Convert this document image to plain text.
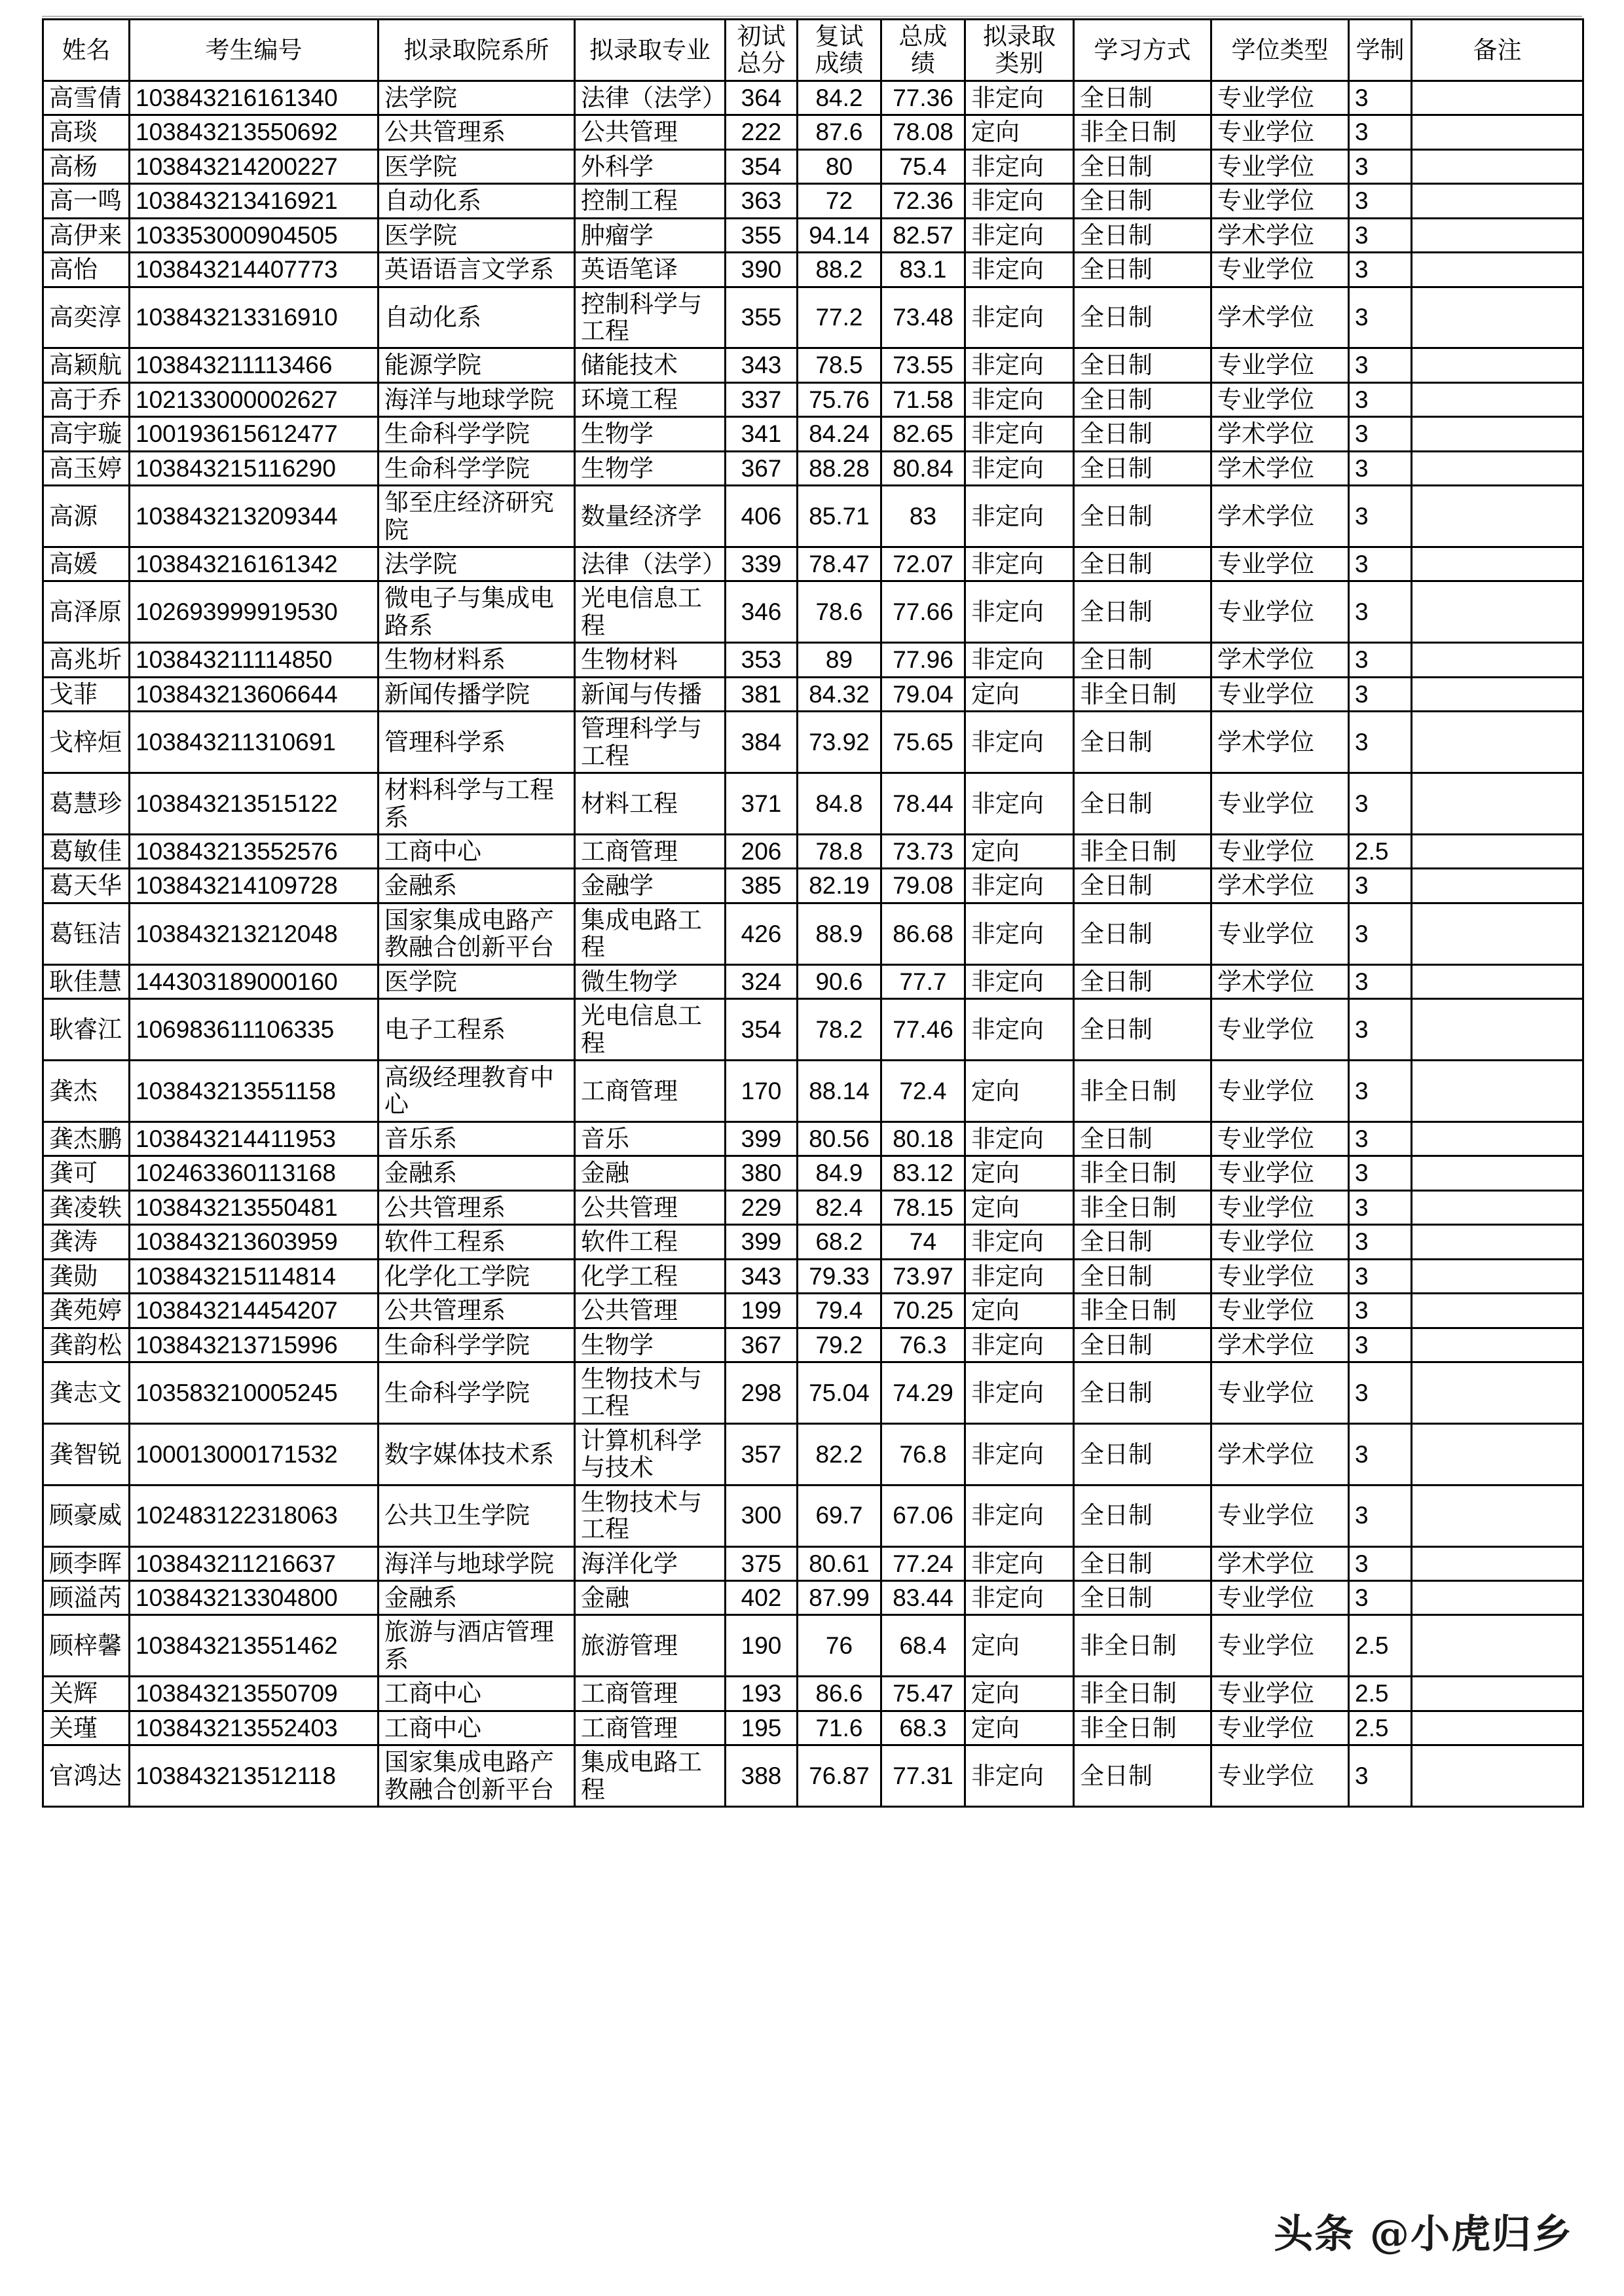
姓名	考生编号	拟录取院系所	拟录取专业	初试总分	复试成绩	总成绩	拟录取类别	学习方式	学位类型	学制	备注
高雪倩	103843216161340	法学院	法律（法学）	364	84.2	77.36	非定向	全日制	专业学位	3	
高琰	103843213550692	公共管理系	公共管理	222	87.6	78.08	定向	非全日制	专业学位	3	
高杨	103843214200227	医学院	外科学	354	80	75.4	非定向	全日制	专业学位	3	
高一鸣	103843213416921	自动化系	控制工程	363	72	72.36	非定向	全日制	专业学位	3	
高伊来	103353000904505	医学院	肿瘤学	355	94.14	82.57	非定向	全日制	学术学位	3	
高怡	103843214407773	英语语言文学系	英语笔译	390	88.2	83.1	非定向	全日制	专业学位	3	
高奕淳	103843213316910	自动化系	控制科学与工程	355	77.2	73.48	非定向	全日制	学术学位	3	
高颖航	103843211113466	能源学院	储能技术	343	78.5	73.55	非定向	全日制	专业学位	3	
高于乔	102133000002627	海洋与地球学院	环境工程	337	75.76	71.58	非定向	全日制	专业学位	3	
高宇璇	100193615612477	生命科学学院	生物学	341	84.24	82.65	非定向	全日制	学术学位	3	
高玉婷	103843215116290	生命科学学院	生物学	367	88.28	80.84	非定向	全日制	学术学位	3	
高源	103843213209344	邹至庄经济研究院	数量经济学	406	85.71	83	非定向	全日制	学术学位	3	
高媛	103843216161342	法学院	法律（法学）	339	78.47	72.07	非定向	全日制	专业学位	3	
高泽原	102693999919530	微电子与集成电路系	光电信息工程	346	78.6	77.66	非定向	全日制	专业学位	3	
高兆圻	103843211114850	生物材料系	生物材料	353	89	77.96	非定向	全日制	学术学位	3	
戈菲	103843213606644	新闻传播学院	新闻与传播	381	84.32	79.04	定向	非全日制	专业学位	3	
戈梓烜	103843211310691	管理科学系	管理科学与工程	384	73.92	75.65	非定向	全日制	学术学位	3	
葛慧珍	103843213515122	材料科学与工程系	材料工程	371	84.8	78.44	非定向	全日制	专业学位	3	
葛敏佳	103843213552576	工商中心	工商管理	206	78.8	73.73	定向	非全日制	专业学位	2.5	
葛天华	103843214109728	金融系	金融学	385	82.19	79.08	非定向	全日制	学术学位	3	
葛钰洁	103843213212048	国家集成电路产教融合创新平台	集成电路工程	426	88.9	86.68	非定向	全日制	专业学位	3	
耿佳慧	144303189000160	医学院	微生物学	324	90.6	77.7	非定向	全日制	学术学位	3	
耿睿江	106983611106335	电子工程系	光电信息工程	354	78.2	77.46	非定向	全日制	专业学位	3	
龚杰	103843213551158	高级经理教育中心	工商管理	170	88.14	72.4	定向	非全日制	专业学位	3	
龚杰鹏	103843214411953	音乐系	音乐	399	80.56	80.18	非定向	全日制	专业学位	3	
龚可	102463360113168	金融系	金融	380	84.9	83.12	定向	非全日制	专业学位	3	
龚凌轶	103843213550481	公共管理系	公共管理	229	82.4	78.15	定向	非全日制	专业学位	3	
龚涛	103843213603959	软件工程系	软件工程	399	68.2	74	非定向	全日制	专业学位	3	
龚勋	103843215114814	化学化工学院	化学工程	343	79.33	73.97	非定向	全日制	专业学位	3	
龚苑婷	103843214454207	公共管理系	公共管理	199	79.4	70.25	定向	非全日制	专业学位	3	
龚韵松	103843213715996	生命科学学院	生物学	367	79.2	76.3	非定向	全日制	学术学位	3	
龚志文	103583210005245	生命科学学院	生物技术与工程	298	75.04	74.29	非定向	全日制	专业学位	3	
龚智锐	100013000171532	数字媒体技术系	计算机科学与技术	357	82.2	76.8	非定向	全日制	学术学位	3	
顾豪威	102483122318063	公共卫生学院	生物技术与工程	300	69.7	67.06	非定向	全日制	专业学位	3	
顾李晖	103843211216637	海洋与地球学院	海洋化学	375	80.61	77.24	非定向	全日制	学术学位	3	
顾溢芮	103843213304800	金融系	金融	402	87.99	83.44	非定向	全日制	专业学位	3	
顾梓馨	103843213551462	旅游与酒店管理系	旅游管理	190	76	68.4	定向	非全日制	专业学位	2.5	
关辉	103843213550709	工商中心	工商管理	193	86.6	75.47	定向	非全日制	专业学位	2.5	
关瑾	103843213552403	工商中心	工商管理	195	71.6	68.3	定向	非全日制	专业学位	2.5	
官鸿达	103843213512118	国家集成电路产教融合创新平台	集成电路工程	388	76.87	77.31	非定向	全日制	专业学位	3	
头条 @小虎归乡
